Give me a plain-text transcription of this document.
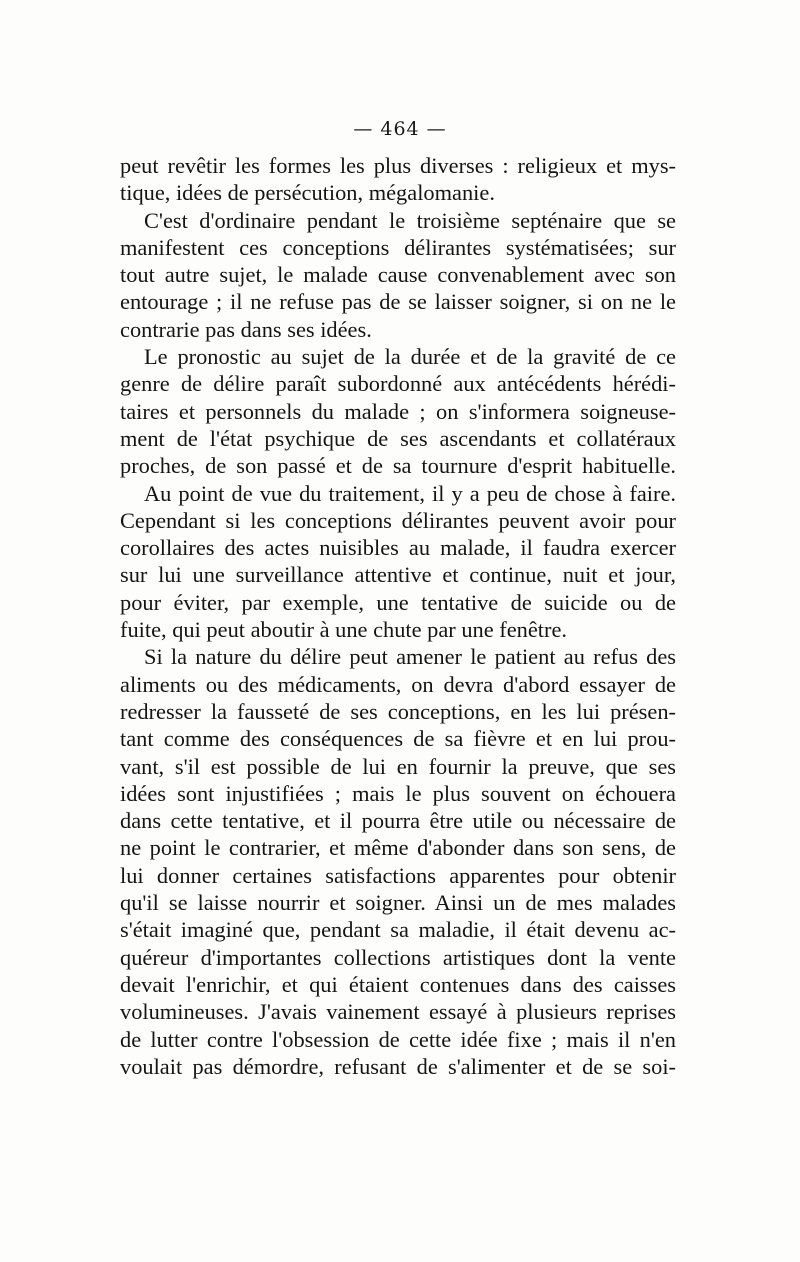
— 464 —
peut revêtir les formes les plus diverses : religieux et mys-
tique, idées de persécution, mégalomanie.
C'est d'ordinaire pendant le troisième septénaire que se
manifestent ces conceptions délirantes systématisées; sur
tout autre sujet, le malade cause convenablement avec son
entourage ; il ne refuse pas de se laisser soigner, si on ne le
contrarie pas dans ses idées.
Le pronostic au sujet de la durée et de la gravité de ce
genre de délire paraît subordonné aux antécédents hérédi-
taires et personnels du malade ; on s'informera soigneuse-
ment de l'état psychique de ses ascendants et collatéraux
proches, de son passé et de sa tournure d'esprit habituelle.
Au point de vue du traitement, il y a peu de chose à faire.
Cependant si les conceptions délirantes peuvent avoir pour
corollaires des actes nuisibles au malade, il faudra exercer
sur lui une surveillance attentive et continue, nuit et jour,
pour éviter, par exemple, une tentative de suicide ou de
fuite, qui peut aboutir à une chute par une fenêtre.
Si la nature du délire peut amener le patient au refus des
aliments ou des médicaments, on devra d'abord essayer de
redresser la fausseté de ses conceptions, en les lui présen-
tant comme des conséquences de sa fièvre et en lui prou-
vant, s'il est possible de lui en fournir la preuve, que ses
idées sont injustifiées ; mais le plus souvent on échouera
dans cette tentative, et il pourra être utile ou nécessaire de
ne point le contrarier, et même d'abonder dans son sens, de
lui donner certaines satisfactions apparentes pour obtenir
qu'il se laisse nourrir et soigner. Ainsi un de mes malades
s'était imaginé que, pendant sa maladie, il était devenu ac-
quéreur d'importantes collections artistiques dont la vente
devait l'enrichir, et qui étaient contenues dans des caisses
volumineuses. J'avais vainement essayé à plusieurs reprises
de lutter contre l'obsession de cette idée fixe ; mais il n'en
voulait pas démordre, refusant de s'alimenter et de se soi-
